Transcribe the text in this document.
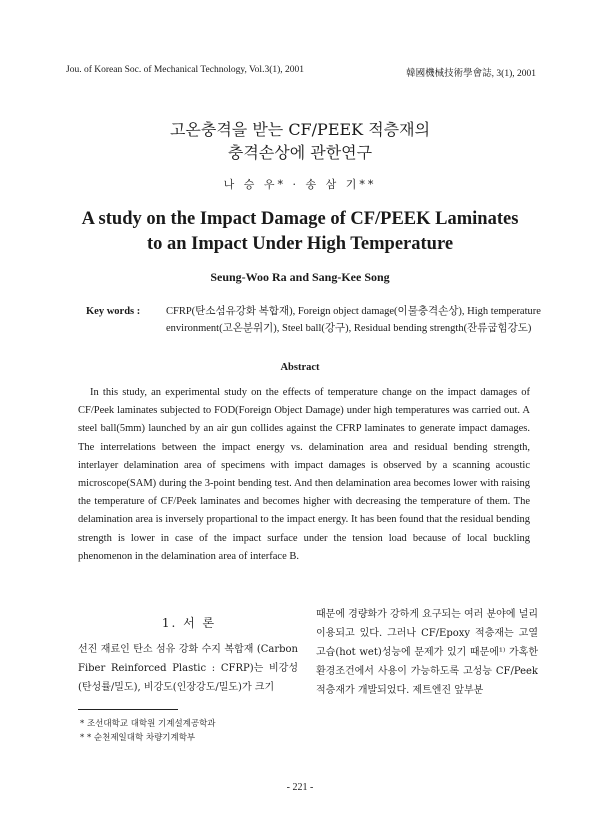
Jou. of Korean Soc. of Mechanical Technology, Vol.3(1), 2001	韓國機械技術學會誌, 3(1), 2001
고온충격을 받는 CF/PEEK 적층재의
충격손상에 관한연구
나 승 우* · 송 삼 기**
A study on the Impact Damage of CF/PEEK Laminates
to an Impact Under High Temperature
Seung-Woo Ra and Sang-Kee Song
Key words : CFRP(탄소섬유강화 복합재), Foreign object damage(이물충격손상), High temperature environment(고온분위기), Steel ball(강구), Residual bending strength(잔류굽힘강도)
Abstract
In this study, an experimental study on the effects of temperature change on the impact damages of CF/Peek laminates subjected to FOD(Foreign Object Damage) under high temperatures was carried out. A steel ball(5mm) launched by an air gun collides against the CFRP laminates to generate impact damages. The interrelations between the impact energy vs. delamination area and residual bending strength, interlayer delamination area of specimens with impact damages is observed by a scanning acoustic microscope(SAM) during the 3-point bending test. And then delamination area becomes lower with raising the temperature of CF/Peek laminates and becomes higher with decreasing the temperature of them. The delamination area is inversely propartional to the impact energy. It has been found that the residual bending strength is lower in case of the impact surface under the tension load because of local buckling phenomenon in the delamination area of interface B.
1. 서 론
선진 재료인 탄소 섬유 강화 수지 복합재 (Carbon Fiber Reinforced Plastic : CFRP)는 비강성(탄성률/밀도), 비강도(인장강도/밀도)가 크기
때문에 경량화가 강하게 요구되는 여러 분야에 널리 이용되고 있다. 그러나 CF/Epoxy 적층재는 고열 고습(hot wet)성능에 문제가 있기 때문에¹⁾ 가혹한 환경조건에서 사용이 가능하도록 고성능 CF/Peek 적층재가 개발되었다. 제트엔진 앞부분
* 조선대학교 대학원 기계설계공학과
* * 순천제일대학 차량기계학부
- 221 -
